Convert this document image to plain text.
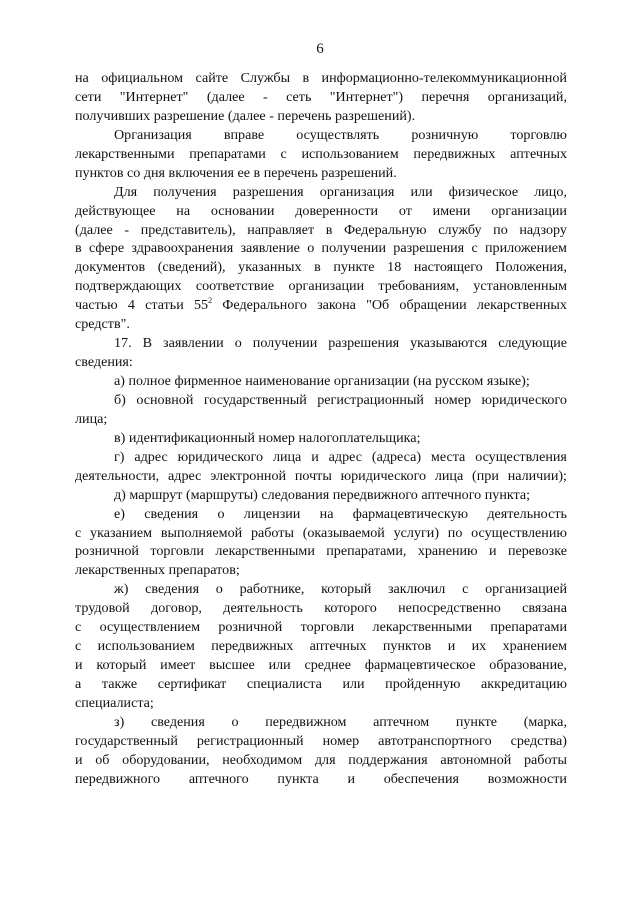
6
на официальном сайте Службы в информационно-телекоммуникационной
сети "Интернет" (далее - сеть "Интернет") перечня организаций,
получивших разрешение (далее - перечень разрешений).
Организация вправе осуществлять розничную торговлю
лекарственными препаратами с использованием передвижных аптечных
пунктов со дня включения ее в перечень разрешений.
Для получения разрешения организация или физическое лицо,
действующее на основании доверенности от имени организации
(далее - представитель), направляет в Федеральную службу по надзору
в сфере здравоохранения заявление о получении разрешения с приложением
документов (сведений), указанных в пункте 18 настоящего Положения,
подтверждающих соответствие организации требованиям, установленным
частью 4 статьи $55^2$ Федерального закона "Об обращении лекарственных
средств".
17. В заявлении о получении разрешения указываются следующие
сведения:
а) полное фирменное наименование организации (на русском языке);
б) основной государственный регистрационный номер юридического
лица;
в) идентификационный номер налогоплательщика;
г) адрес юридического лица и адрес (адреса) места осуществления
деятельности, адрес электронной почты юридического лица (при наличии);
д) маршрут (маршруты) следования передвижного аптечного пункта;
е) сведения о лицензии на фармацевтическую деятельность
с указанием выполняемой работы (оказываемой услуги) по осуществлению
розничной торговли лекарственными препаратами, хранению и перевозке
лекарственных препаратов;
ж) сведения о работнике, который заключил с организацией
трудовой договор, деятельность которого непосредственно связана
с осуществлением розничной торговли лекарственными препаратами
с использованием передвижных аптечных пунктов и их хранением
и который имеет высшее или среднее фармацевтическое образование,
а также сертификат специалиста или пройденную аккредитацию
специалиста;
з) сведения о передвижном аптечном пункте (марка,
государственный регистрационный номер автотранспортного средства)
и об оборудовании, необходимом для поддержания автономной работы
передвижного аптечного пункта и обеспечения возможности
